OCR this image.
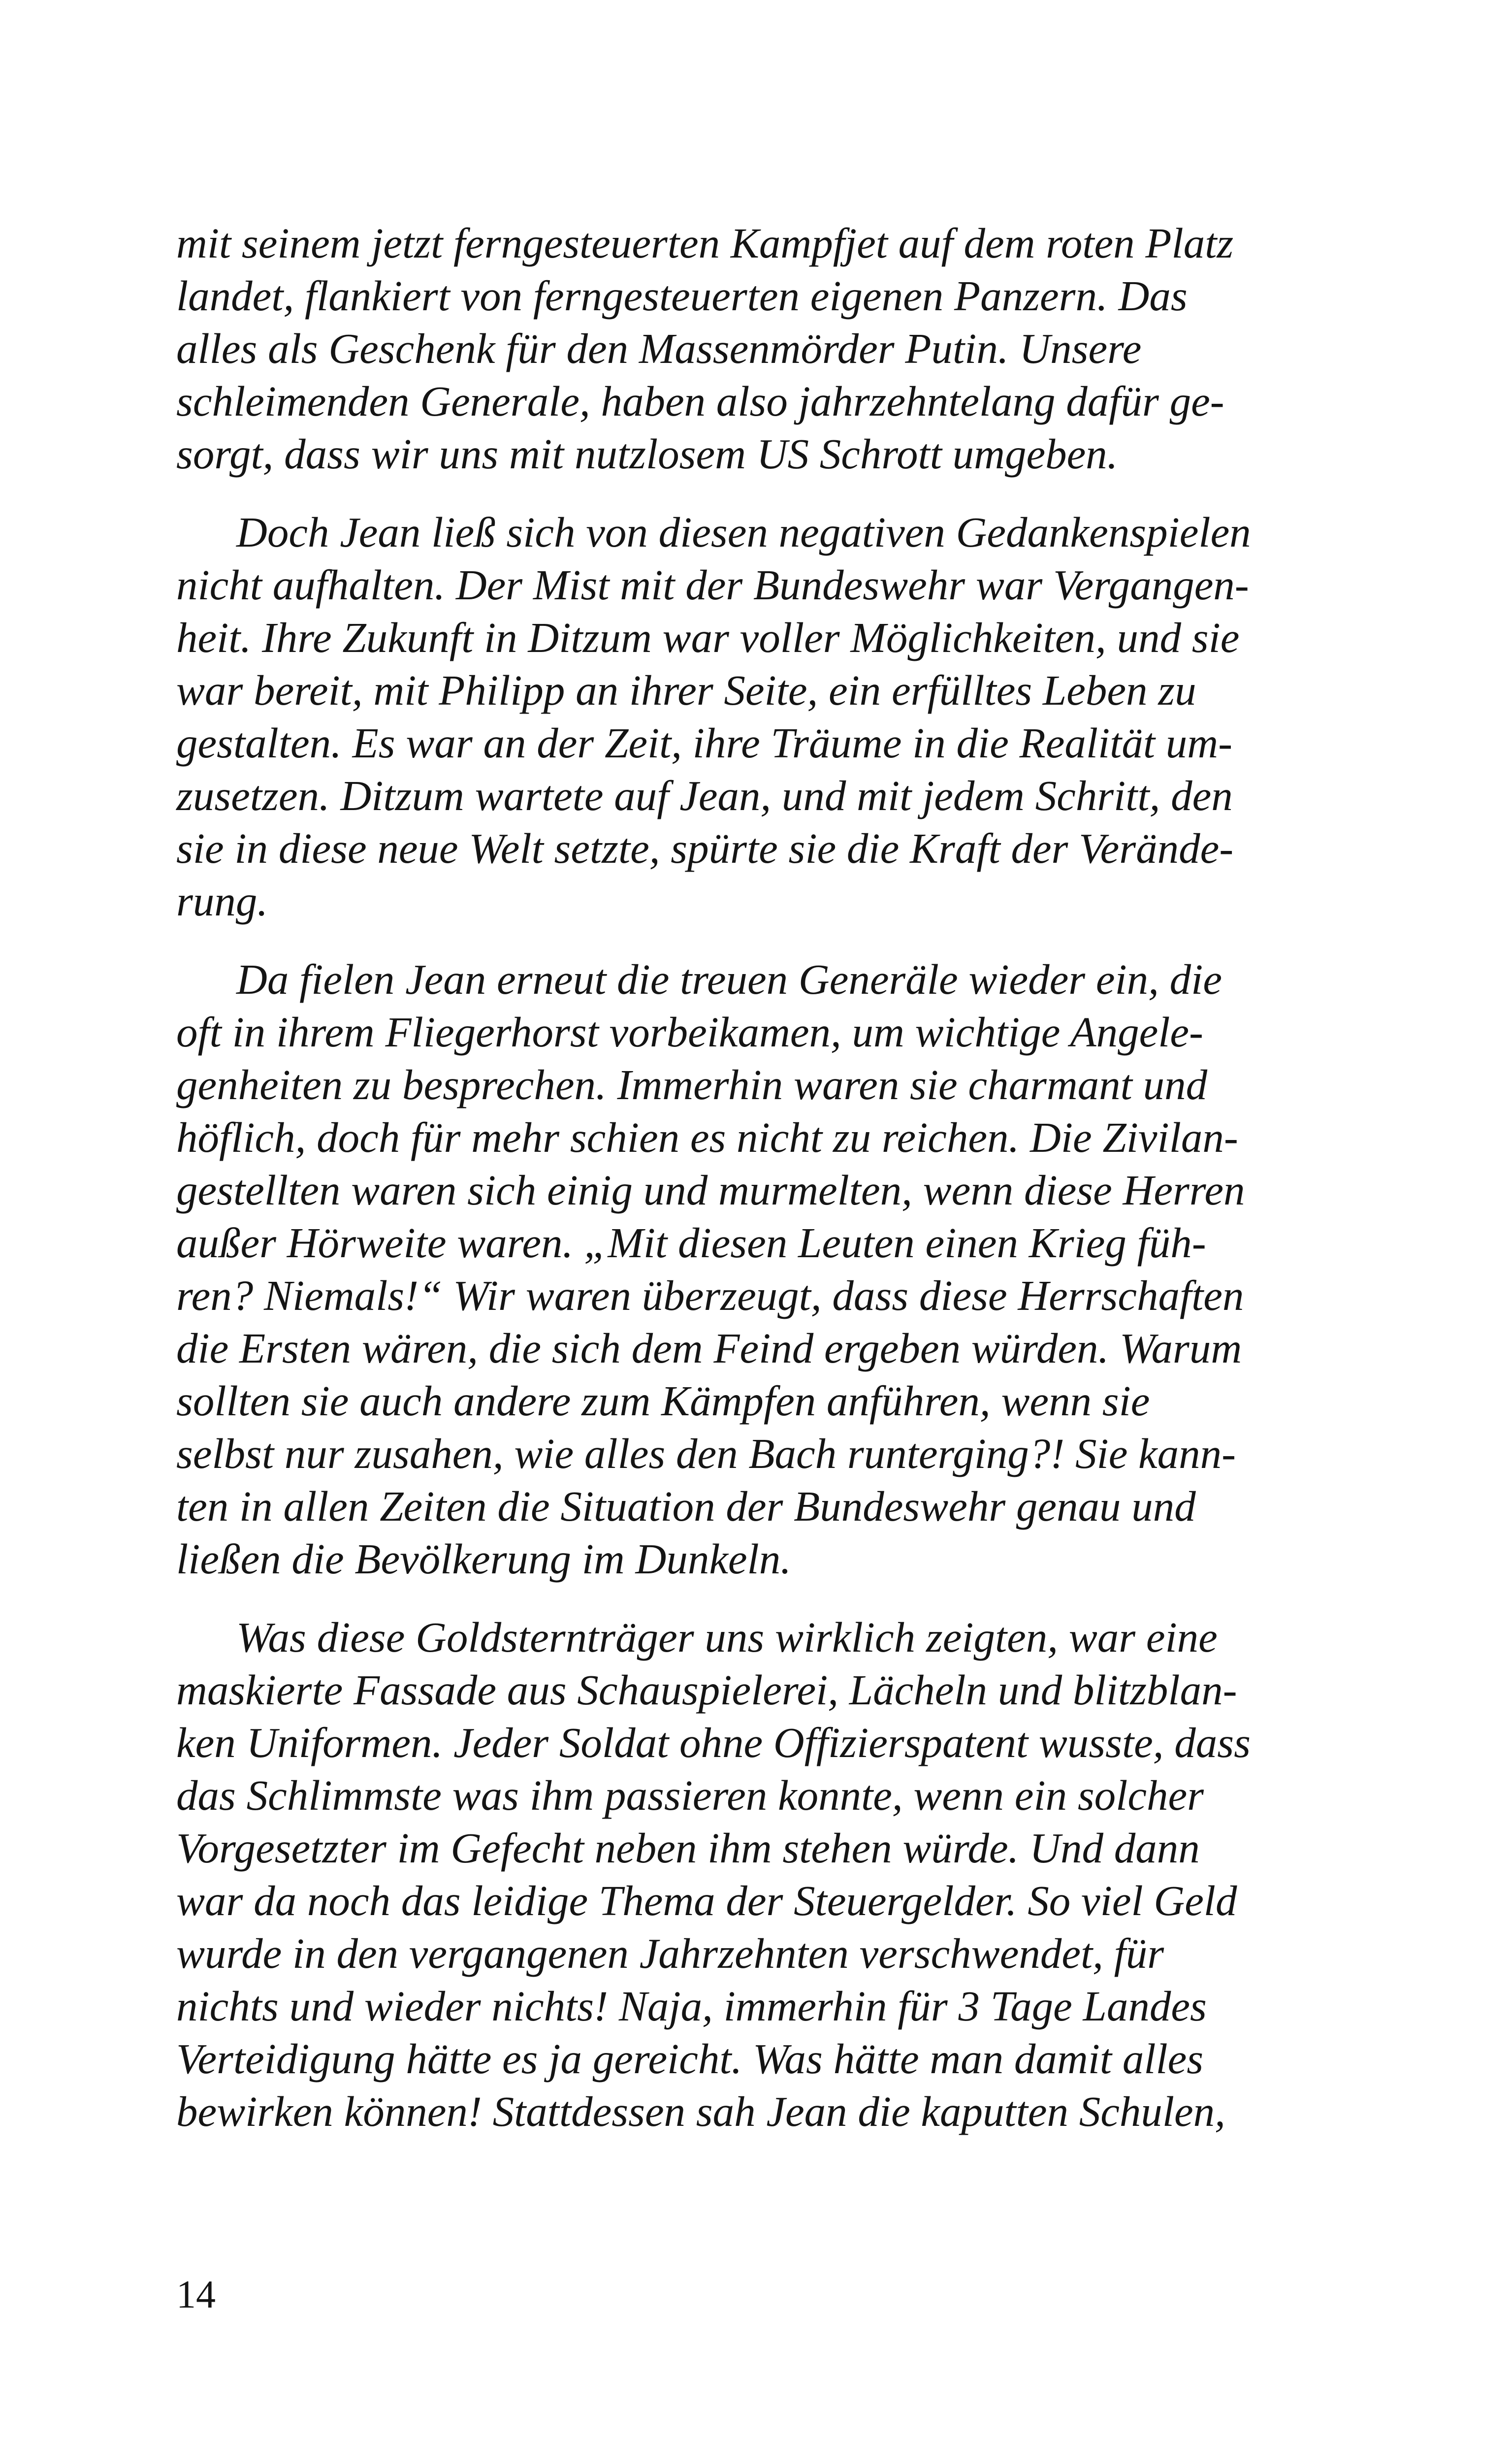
mit seinem jetzt ferngesteuerten Kampfjet auf dem roten Platz
landet, flankiert von ferngesteuerten eigenen Panzern. Das
alles als Geschenk für den Massenmörder Putin. Unsere
schleimenden Generale, haben also jahrzehntelang dafür ge-
sorgt, dass wir uns mit nutzlosem US Schrott umgeben.
Doch Jean ließ sich von diesen negativen Gedankenspielen
nicht aufhalten. Der Mist mit der Bundeswehr war Vergangen-
heit. Ihre Zukunft in Ditzum war voller Möglichkeiten, und sie
war bereit, mit Philipp an ihrer Seite, ein erfülltes Leben zu
gestalten. Es war an der Zeit, ihre Träume in die Realität um-
zusetzen. Ditzum wartete auf Jean, und mit jedem Schritt, den
sie in diese neue Welt setzte, spürte sie die Kraft der Verände-
rung.
Da fielen Jean erneut die treuen Generäle wieder ein, die
oft in ihrem Fliegerhorst vorbeikamen, um wichtige Angele-
genheiten zu besprechen. Immerhin waren sie charmant und
höflich, doch für mehr schien es nicht zu reichen. Die Zivilan-
gestellten waren sich einig und murmelten, wenn diese Herren
außer Hörweite waren. „Mit diesen Leuten einen Krieg füh-
ren? Niemals!“ Wir waren überzeugt, dass diese Herrschaften
die Ersten wären, die sich dem Feind ergeben würden. Warum
sollten sie auch andere zum Kämpfen anführen, wenn sie
selbst nur zusahen, wie alles den Bach runterging?! Sie kann-
ten in allen Zeiten die Situation der Bundeswehr genau und
ließen die Bevölkerung im Dunkeln.
Was diese Goldsternträger uns wirklich zeigten, war eine
maskierte Fassade aus Schauspielerei, Lächeln und blitzblan-
ken Uniformen. Jeder Soldat ohne Offizierspatent wusste, dass
das Schlimmste was ihm passieren konnte, wenn ein solcher
Vorgesetzter im Gefecht neben ihm stehen würde. Und dann
war da noch das leidige Thema der Steuergelder. So viel Geld
wurde in den vergangenen Jahrzehnten verschwendet, für
nichts und wieder nichts! Naja, immerhin für 3 Tage Landes
Verteidigung hätte es ja gereicht. Was hätte man damit alles
bewirken können! Stattdessen sah Jean die kaputten Schulen,
14
